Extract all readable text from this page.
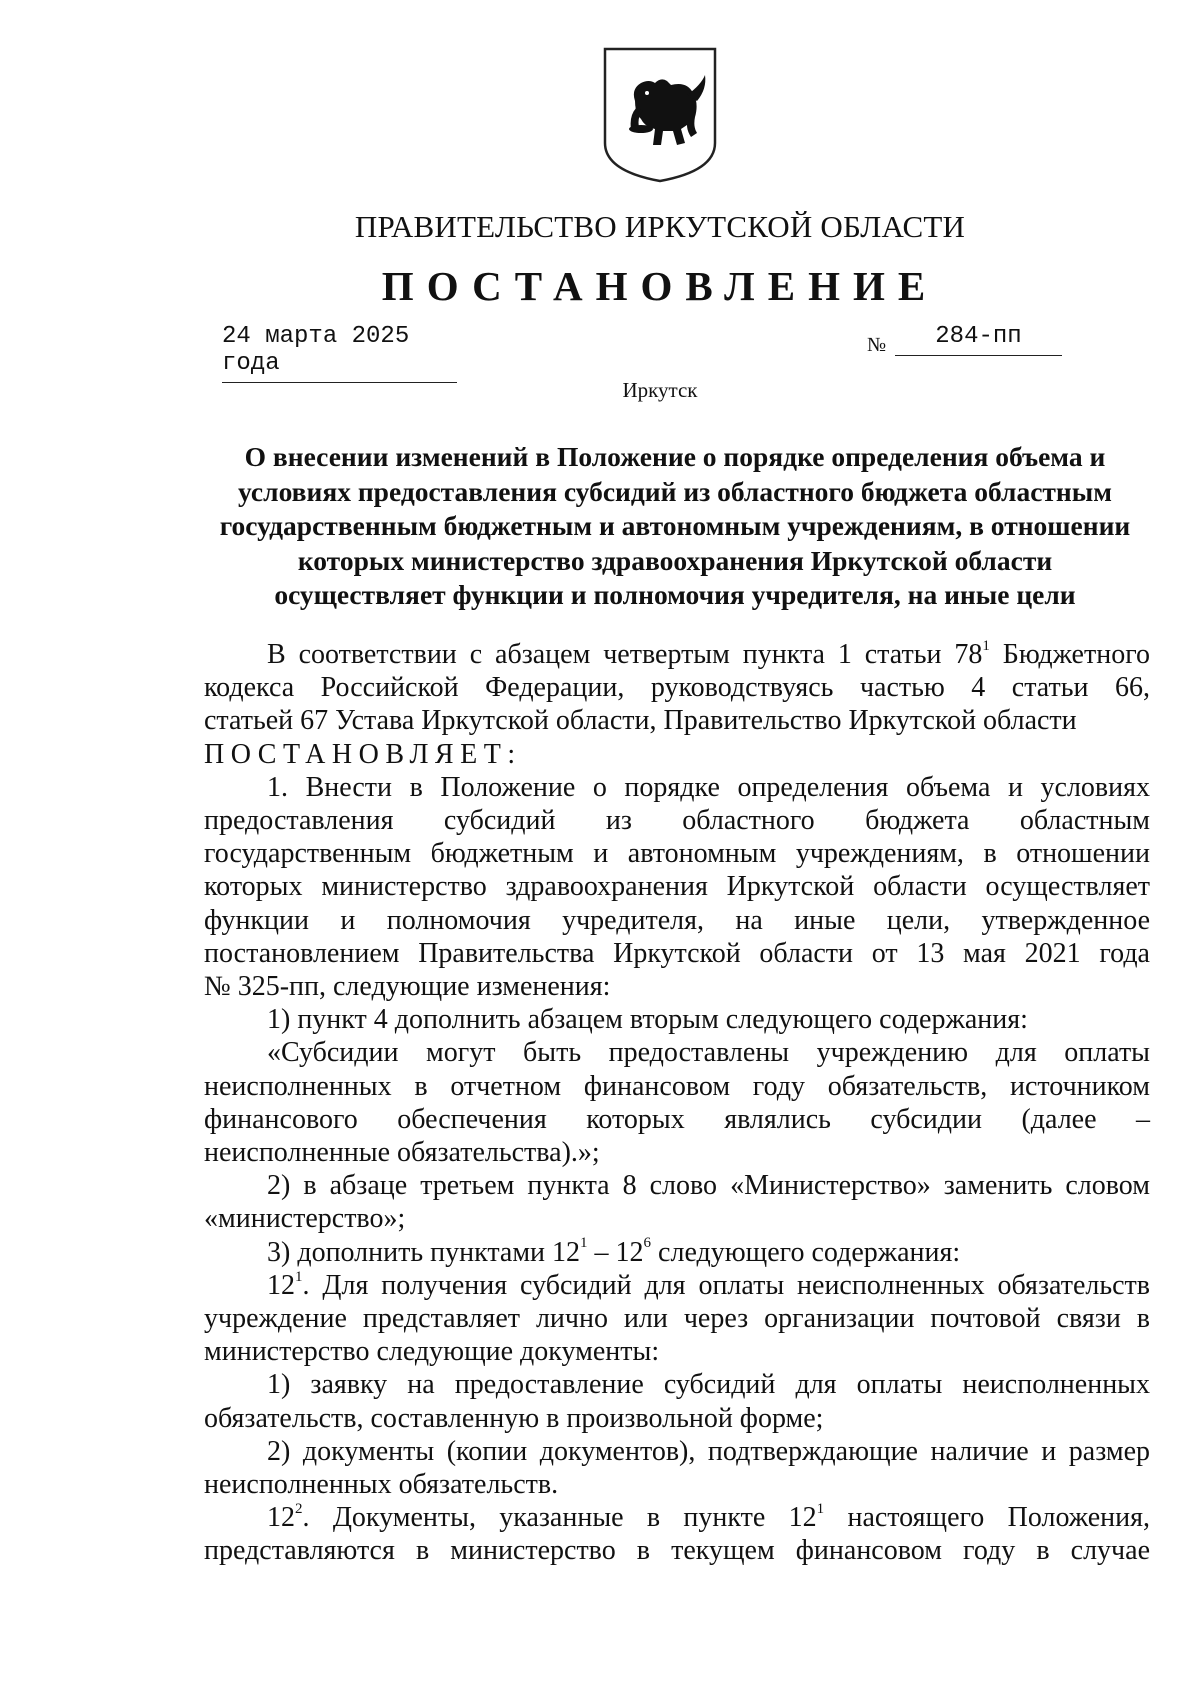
ПРАВИТЕЛЬСТВО ИРКУТСКОЙ ОБЛАСТИ
ПОСТАНОВЛЕНИЕ
24 марта 2025 года
№	284-пп
Иркутск
О внесении изменений в Положение о порядке определения объема и
условиях предоставления субсидий из областного бюджета областным
государственным бюджетным и автономным учреждениям, в отношении
которых министерство здравоохранения Иркутской области
осуществляет функции и полномочия учредителя, на иные цели
В соответствии с абзацем четвертым пункта 1 статьи $78^1$ Бюджетного
кодекса Российской Федерации, руководствуясь частью 4 статьи 66,
статьей 67 Устава Иркутской области, Правительство Иркутской области
ПОСТАНОВЛЯЕТ:
1. Внести в Положение о порядке определения объема и условиях
предоставления субсидий из областного бюджета областным
государственным бюджетным и автономным учреждениям, в отношении
которых министерство здравоохранения Иркутской области осуществляет
функции и полномочия учредителя, на иные цели, утвержденное
постановлением Правительства Иркутской области от 13 мая 2021 года
№ 325-пп, следующие изменения:
1) пункт 4 дополнить абзацем вторым следующего содержания:
«Субсидии могут быть предоставлены учреждению для оплаты
неисполненных в отчетном финансовом году обязательств, источником
финансового обеспечения которых являлись субсидии (далее –
неисполненные обязательства).»;
2) в абзаце третьем пункта 8 слово «Министерство» заменить словом
«министерство»;
3) дополнить пунктами $12^1 - 12^6$ следующего содержания:
$12^1$. Для получения субсидий для оплаты неисполненных обязательств
учреждение представляет лично или через организации почтовой связи в
министерство следующие документы:
1) заявку на предоставление субсидий для оплаты неисполненных
обязательств, составленную в произвольной форме;
2) документы (копии документов), подтверждающие наличие и размер
неисполненных обязательств.
$12^2$. Документы, указанные в пункте $12^1$ настоящего Положения,
представляются в министерство в текущем финансовом году в случае
